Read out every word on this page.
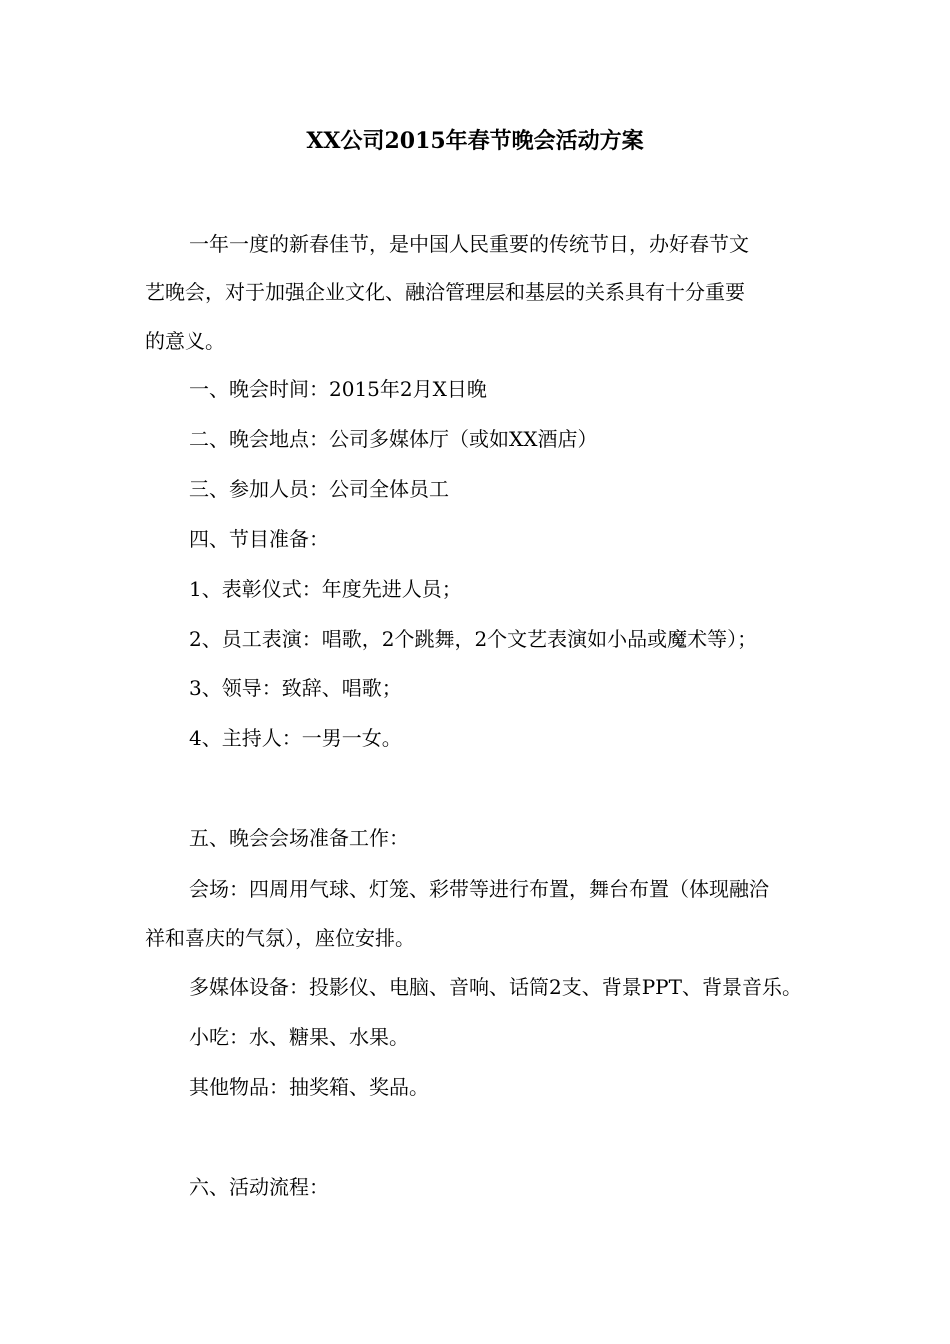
XX公司2015年春节晚会活动方案
一年一度的新春佳节，是中国人民重要的传统节日，办好春节文
艺晚会，对于加强企业文化、融洽管理层和基层的关系具有十分重要
的意义。
一、晚会时间：2015年2月X日晚
二、晚会地点：公司多媒体厅（或如XX酒店）
三、参加人员：公司全体员工
四、节目准备：
1、表彰仪式：年度先进人员；
2、员工表演：唱歌，2个跳舞，2个文艺表演如小品或魔术等）；
3、领导：致辞、唱歌；
4、主持人：一男一女。
五、晚会会场准备工作：
会场：四周用气球、灯笼、彩带等进行布置，舞台布置（体现融洽
祥和喜庆的气氛），座位安排。
多媒体设备：投影仪、电脑、音响、话筒2支、背景PPT、背景音乐。
小吃：水、糖果、水果。
其他物品：抽奖箱、奖品。
六、活动流程：
